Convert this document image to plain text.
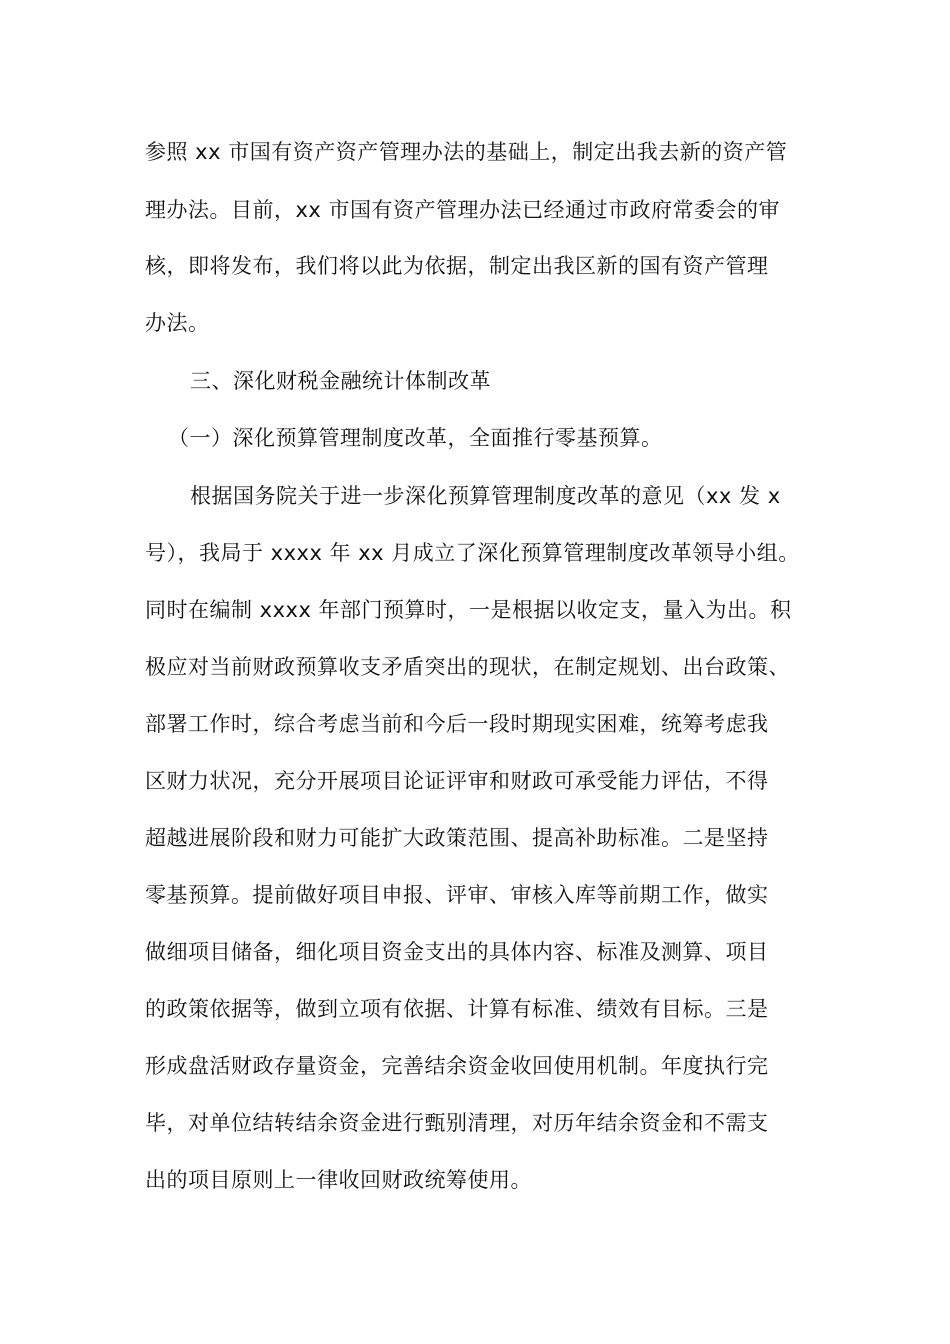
参照 xx 市国有资产资产管理办法的基础上，制定出我去新的资产管
理办法。目前，xx 市国有资产管理办法已经通过市政府常委会的审
核，即将发布，我们将以此为依据，制定出我区新的国有资产管理
办法。
三、深化财税金融统计体制改革
（一）深化预算管理制度改革，全面推行零基预算。
根据国务院关于进一步深化预算管理制度改革的意见（xx 发 x
号），我局于 xxxx 年 xx 月成立了深化预算管理制度改革领导小组。
同时在编制 xxxx 年部门预算时，一是根据以收定支，量入为出。积
极应对当前财政预算收支矛盾突出的现状，在制定规划、出台政策、
部署工作时，综合考虑当前和今后一段时期现实困难，统筹考虑我
区财力状况，充分开展项目论证评审和财政可承受能力评估，不得
超越进展阶段和财力可能扩大政策范围、提高补助标准。二是坚持
零基预算。提前做好项目申报、评审、审核入库等前期工作，做实
做细项目储备，细化项目资金支出的具体内容、标准及测算、项目
的政策依据等，做到立项有依据、计算有标准、绩效有目标。三是
形成盘活财政存量资金，完善结余资金收回使用机制。年度执行完
毕，对单位结转结余资金进行甄别清理，对历年结余资金和不需支
出的项目原则上一律收回财政统筹使用。
